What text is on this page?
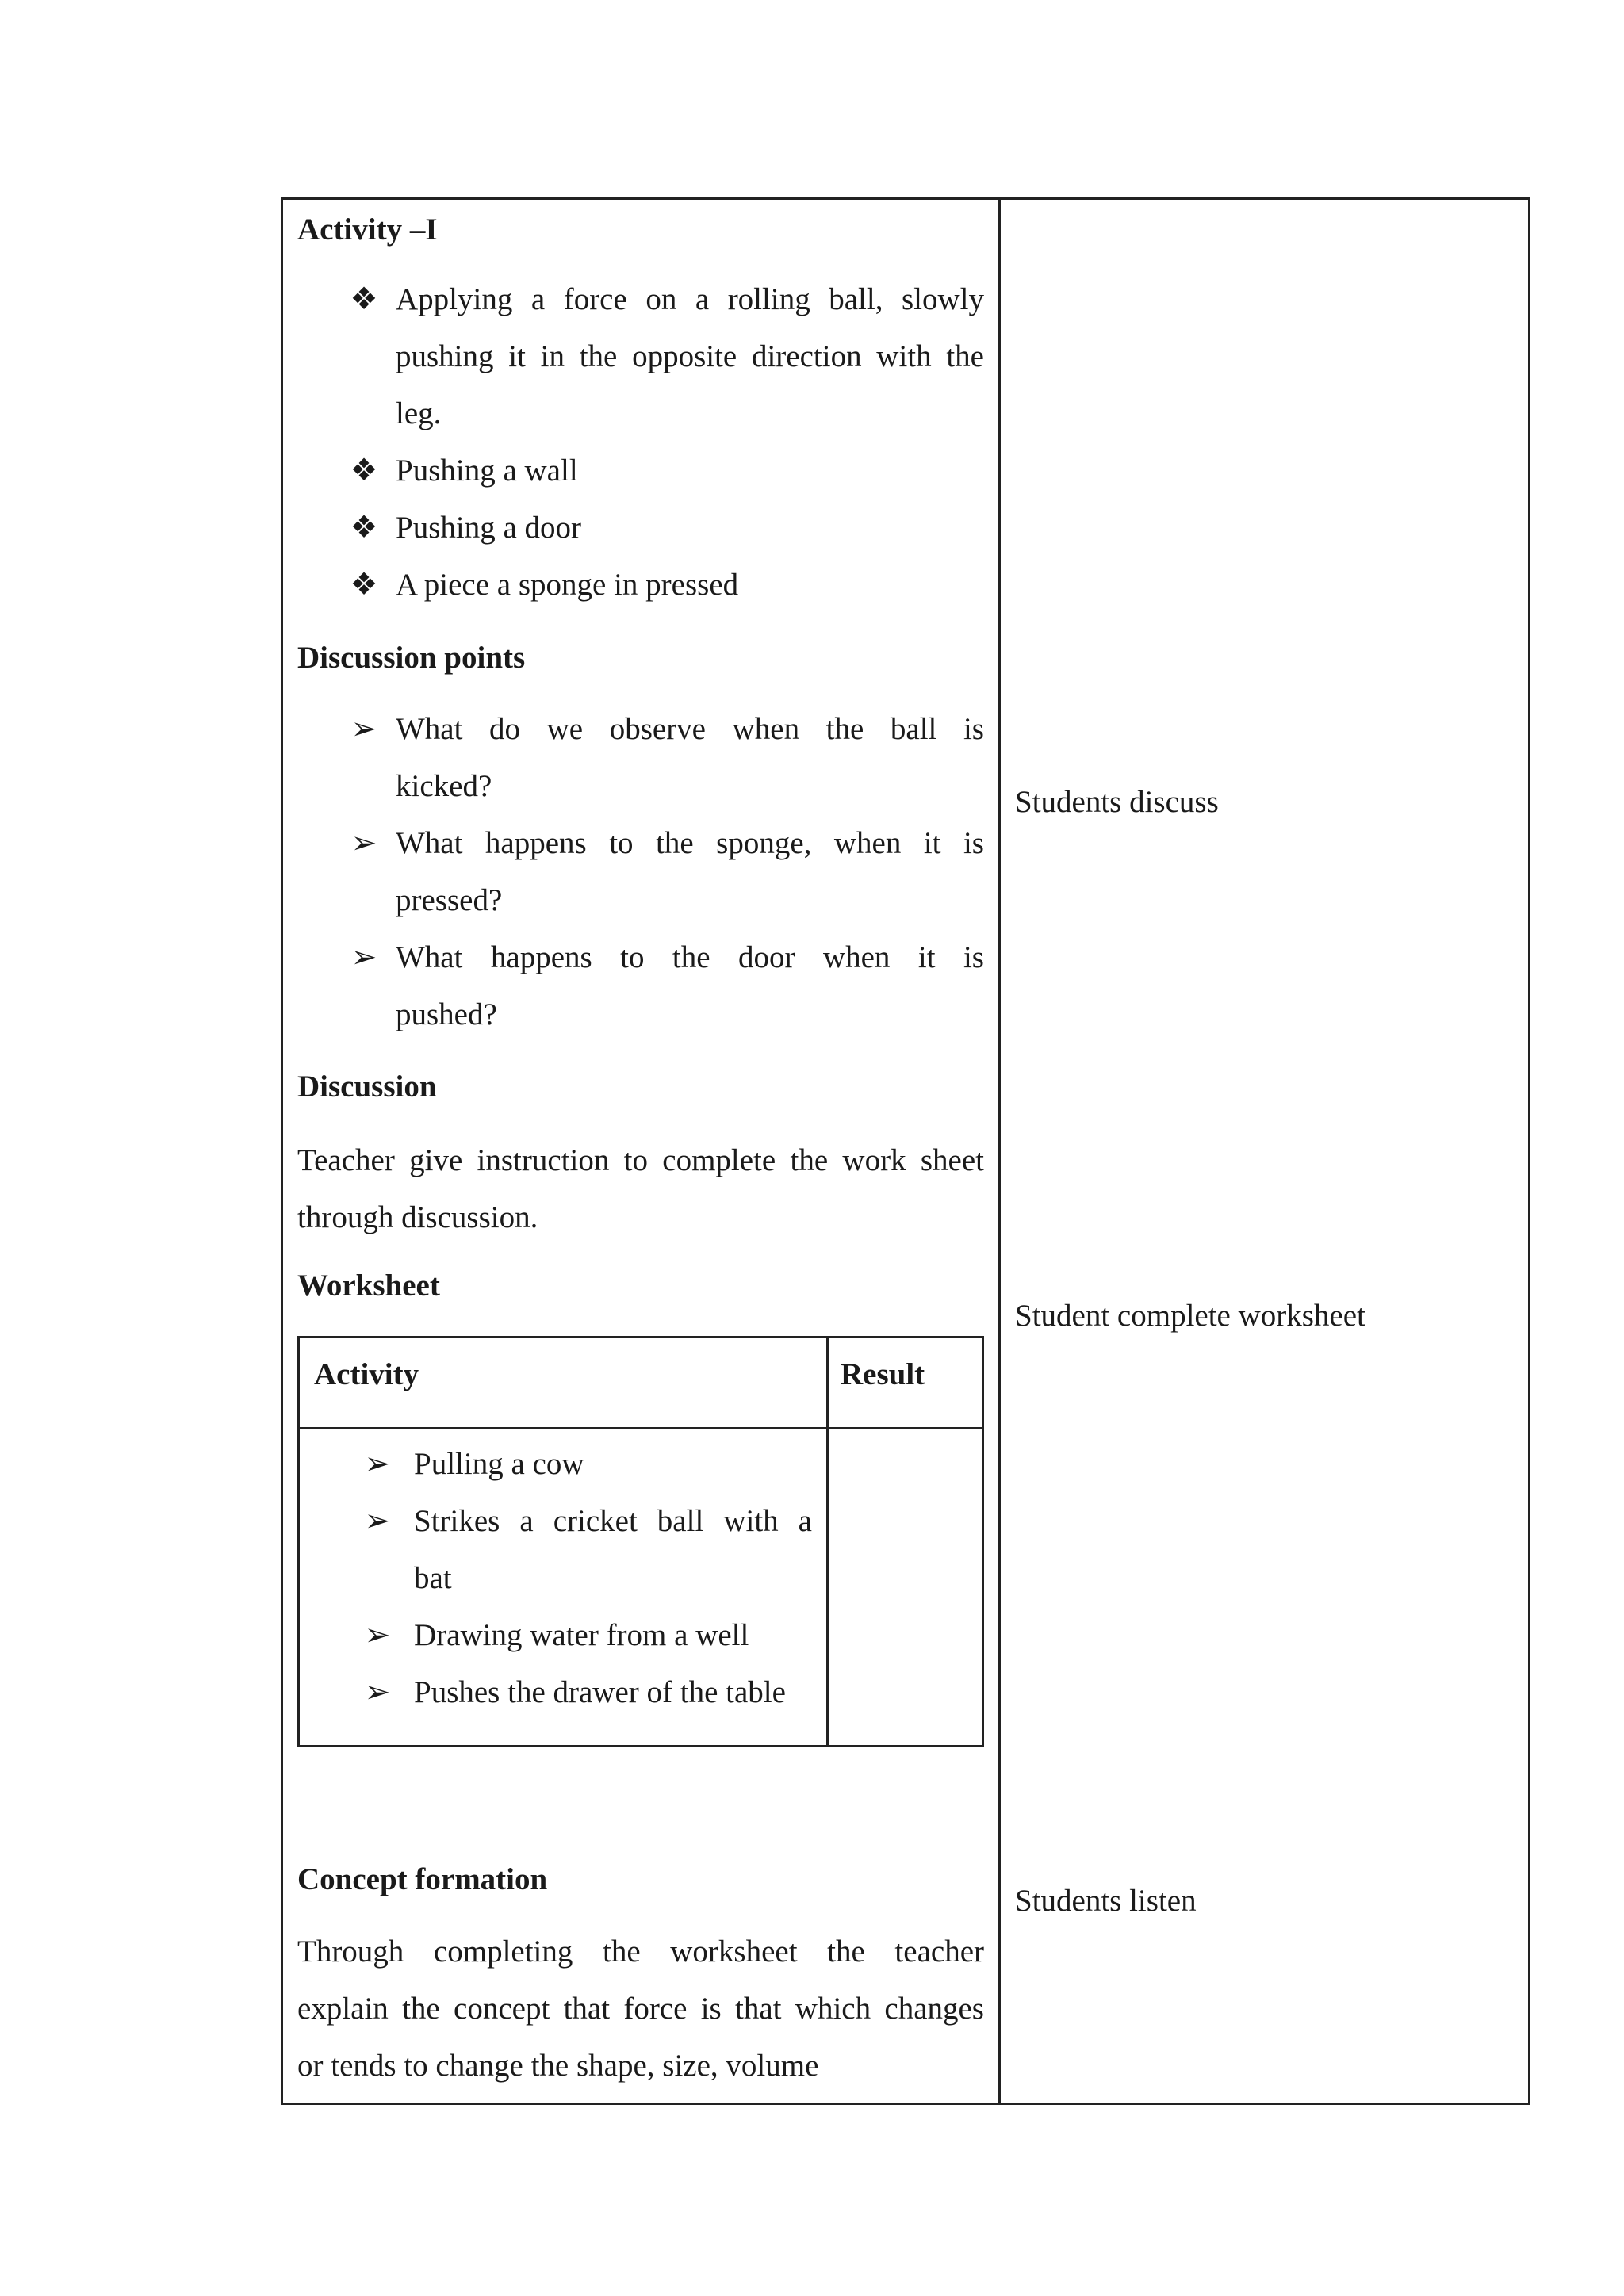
Activity –I
❖ Applying a force on a rolling ball, slowly
pushing it in the opposite direction with the
leg.
❖ Pushing a wall
❖ Pushing a door
❖ A piece a sponge in pressed
Discussion points
➢ What do we observe when the ball is
kicked?
➢ What happens to the sponge, when it is
pressed?
➢ What happens to the door when it is
pushed?
Discussion
Teacher give instruction to complete the work sheet
through discussion.
Worksheet
Activity	Result
➢ Pulling a cow
➢ Strikes a cricket ball with a
bat
➢ Drawing water from a well
➢ Pushes the drawer of the table
Concept formation
Through completing the worksheet the teacher
explain the concept that force is that which changes
or tends to change the shape, size, volume
Students discuss
Student complete worksheet
Students listen
